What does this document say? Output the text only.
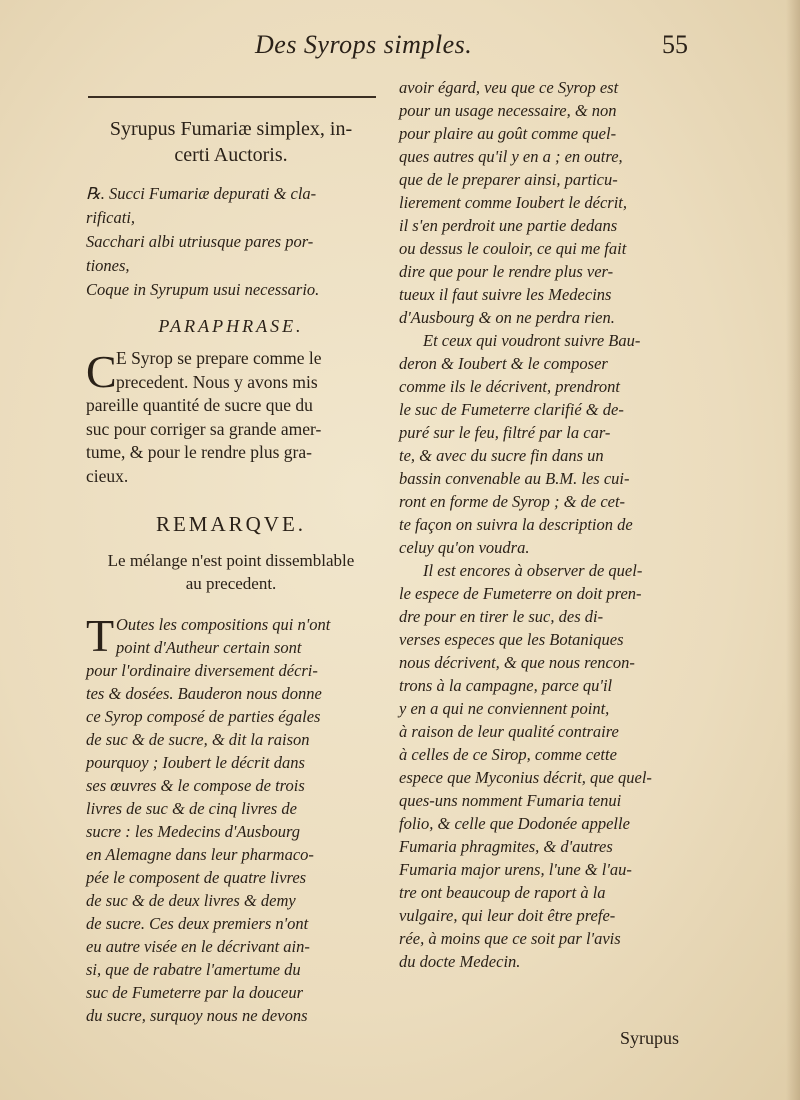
Des Syrops simples.	55
Syrupus Fumariæ simplex, in-
certi Auctoris.
℞. Succi Fumariæ depurati & cla-
rificati,
Sacchari albi utriusque pares por-
tiones,
Coque in Syrupum usui necessario.
PARAPHRASE.
C E Syrop se prepare comme le
precedent. Nous y avons mis
pareille quantité de sucre que du
suc pour corriger sa grande amer-
tume, & pour le rendre plus gra-
cieux.
REMARQVE.
Le mélange n'est point dissemblable
au precedent.
T Outes les compositions qui n'ont
point d'Autheur certain sont
pour l'ordinaire diversement décri-
tes & dosées. Bauderon nous donne
ce Syrop composé de parties égales
de suc & de sucre, & dit la raison
pourquoy ; Ioubert le décrit dans
ses œuvres & le compose de trois
livres de suc & de cinq livres de
sucre : les Medecins d'Ausbourg
en Alemagne dans leur pharmaco-
pée le composent de quatre livres
de suc & de deux livres & demy
de sucre. Ces deux premiers n'ont
eu autre visée en le décrivant ain-
si, que de rabatre l'amertume du
suc de Fumeterre par la douceur
du sucre, surquoy nous ne devons
avoir égard, veu que ce Syrop est
pour un usage necessaire, & non
pour plaire au goût comme quel-
ques autres qu'il y en a ; en outre,
que de le preparer ainsi, particu-
lierement comme Ioubert le décrit,
il s'en perdroit une partie dedans
ou dessus le couloir, ce qui me fait
dire que pour le rendre plus ver-
tueux il faut suivre les Medecins
d'Ausbourg & on ne perdra rien.
Et ceux qui voudront suivre Bau-
deron & Ioubert & le composer
comme ils le décrivent, prendront
le suc de Fumeterre clarifié & de-
puré sur le feu, filtré par la car-
te, & avec du sucre fin dans un
bassin convenable au B.M. les cui-
ront en forme de Syrop ; & de cet-
te façon on suivra la description de
celuy qu'on voudra.
Il est encores à observer de quel-
le espece de Fumeterre on doit pren-
dre pour en tirer le suc, des di-
verses especes que les Botaniques
nous décrivent, & que nous rencon-
trons à la campagne, parce qu'il
y en a qui ne conviennent point,
à raison de leur qualité contraire
à celles de ce Sirop, comme cette
espece que Myconius décrit, que quel-
ques-uns nomment Fumaria tenui
folio, & celle que Dodonée appelle
Fumaria phragmites, & d'autres
Fumaria major urens, l'une & l'au-
tre ont beaucoup de raport à la
vulgaire, qui leur doit être prefe-
rée, à moins que ce soit par l'avis
du docte Medecin.
Syrupus
